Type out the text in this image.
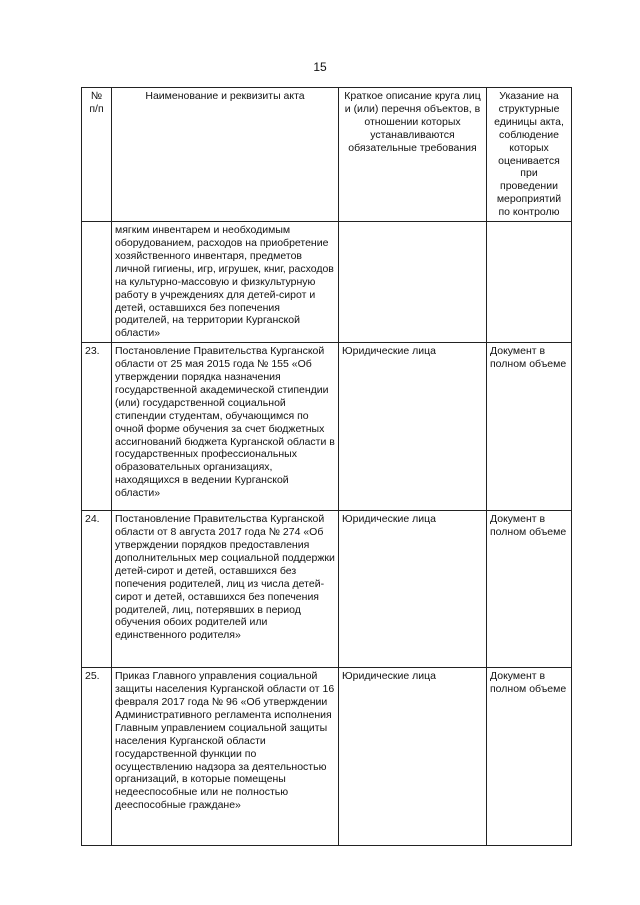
15
№
п/п	Наименование и реквизиты акта	Краткое описание круга лиц и (или) перечня объектов, в отношении которых устанавливаются обязательные требования	Указание на структурные единицы акта, соблюдение которых оценивается при проведении мероприятий по контролю
	мягким инвентарем и необходимым оборудованием, расходов на приобретение хозяйственного инвентаря, предметов личной гигиены, игр, игрушек, книг, расходов на культурно-массовую и физкультурную работу в учреждениях для детей-сирот и детей, оставшихся без попечения родителей, на территории Курганской области»		
23.	Постановление Правительства Курганской области от 25 мая 2015 года № 155 «Об утверждении порядка назначения государственной академической стипендии (или) государственной социальной стипендии студентам, обучающимся по очной форме обучения за счет бюджетных ассигнований бюджета Курганской области в государственных профессиональных образовательных организациях, находящихся в ведении Курганской области»	Юридические лица	Документ в полном объеме
24.	Постановление Правительства Курганской области от 8 августа 2017 года № 274 «Об утверждении порядков предоставления дополнительных мер социальной поддержки детей-сирот и детей, оставшихся без попечения родителей, лиц из числа детей-сирот и детей, оставшихся без попечения родителей, лиц, потерявших в период обучения обоих родителей или единственного родителя»	Юридические лица	Документ в полном объеме
25.	Приказ Главного управления социальной защиты населения Курганской области от 16 февраля 2017 года № 96 «Об утверждении Административного регламента исполнения Главным управлением социальной защиты населения Курганской области государственной функции по осуществлению надзора за деятельностью организаций, в которые помещены недееспособные или не полностью дееспособные граждане»	Юридические лица	Документ в полном объеме
